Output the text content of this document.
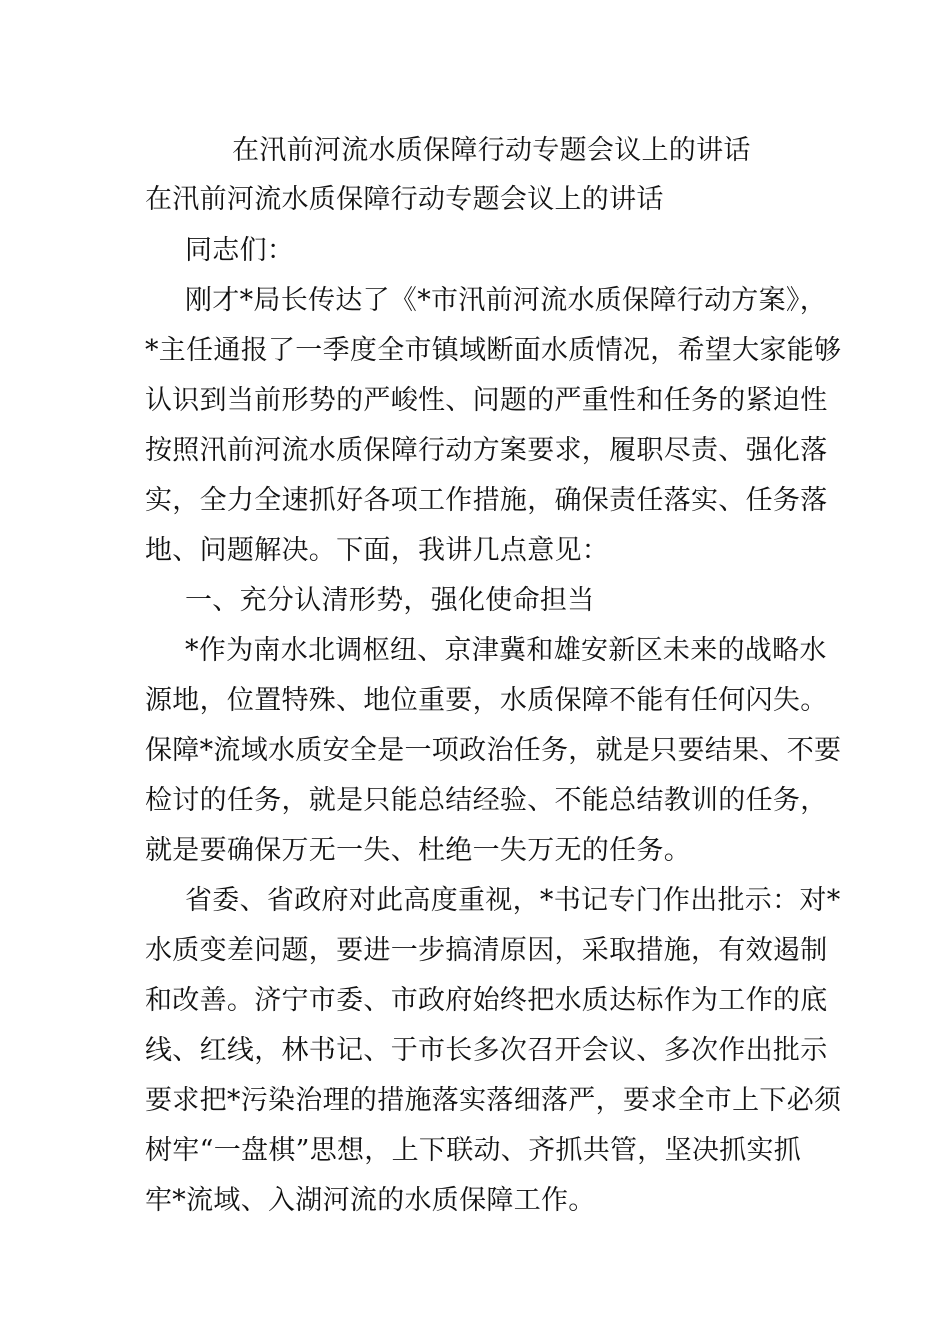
在汛前河流水质保障行动专题会议上的讲话
在汛前河流水质保障行动专题会议上的讲话
同志们：
刚才*局长传达了《*市汛前河流水质保障行动方案》，
*主任通报了一季度全市镇域断面水质情况，希望大家能够
认识到当前形势的严峻性、问题的严重性和任务的紧迫性
按照汛前河流水质保障行动方案要求，履职尽责、强化落
实，全力全速抓好各项工作措施，确保责任落实、任务落
地、问题解决。下面，我讲几点意见：
一、充分认清形势，强化使命担当
*作为南水北调枢纽、京津冀和雄安新区未来的战略水
源地，位置特殊、地位重要，水质保障不能有任何闪失。
保障*流域水质安全是一项政治任务，就是只要结果、不要
检讨的任务，就是只能总结经验、不能总结教训的任务，
就是要确保万无一失、杜绝一失万无的任务。
省委、省政府对此高度重视，*书记专门作出批示：对*
水质变差问题，要进一步搞清原因，采取措施，有效遏制
和改善。济宁市委、市政府始终把水质达标作为工作的底
线、红线，林书记、于市长多次召开会议、多次作出批示
要求把*污染治理的措施落实落细落严，要求全市上下必须
树牢“一盘棋”思想，上下联动、齐抓共管，坚决抓实抓
牢*流域、入湖河流的水质保障工作。
